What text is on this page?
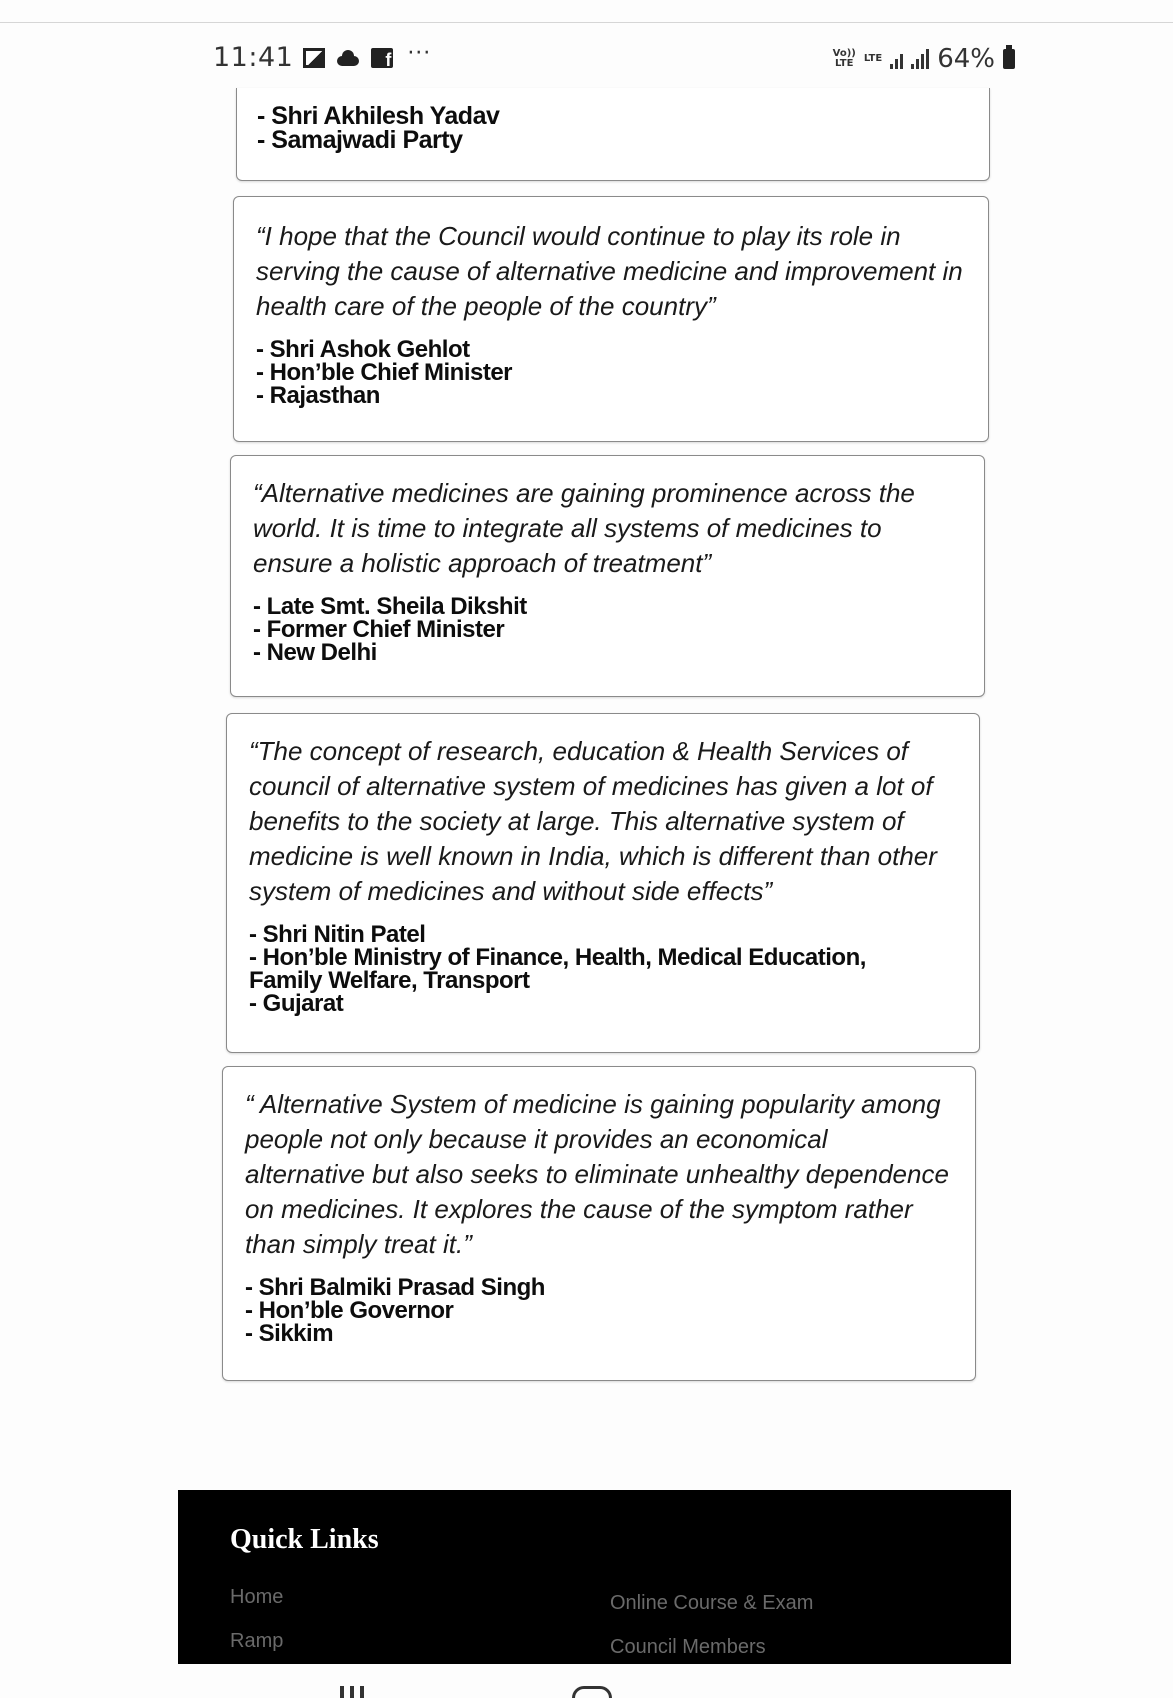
11:41	f ···	Vo))
LTE LTE 64%
- Shri Akhilesh Yadav
- Samajwadi Party

“I hope that the Council would continue to play its role in serving the cause of alternative medicine and improvement in health care of the people of the country”

- Shri Ashok Gehlot
- Hon’ble Chief Minister
- Rajasthan

“Alternative medicines are gaining prominence across the world. It is time to integrate all systems of medicines to ensure a holistic approach of treatment”

- Late Smt. Sheila Dikshit
- Former Chief Minister
- New Delhi

“The concept of research, education & Health Services of council of alternative system of medicines has given a lot of benefits to the society at large. This alternative system of medicine is well known in India, which is different than other system of medicines and without side effects”

- Shri Nitin Patel
- Hon’ble Ministry of Finance, Health, Medical Education,
Family Welfare, Transport
- Gujarat

“ Alternative System of medicine is gaining popularity among people not only because it provides an economical alternative but also seeks to eliminate unhealthy dependence on medicines. It explores the cause of the symptom rather than simply treat it.”

- Shri Balmiki Prasad Singh
- Hon’ble Governor
- Sikkim
Quick Links
Home
Ramp
Online Course & Exam
Council Members
